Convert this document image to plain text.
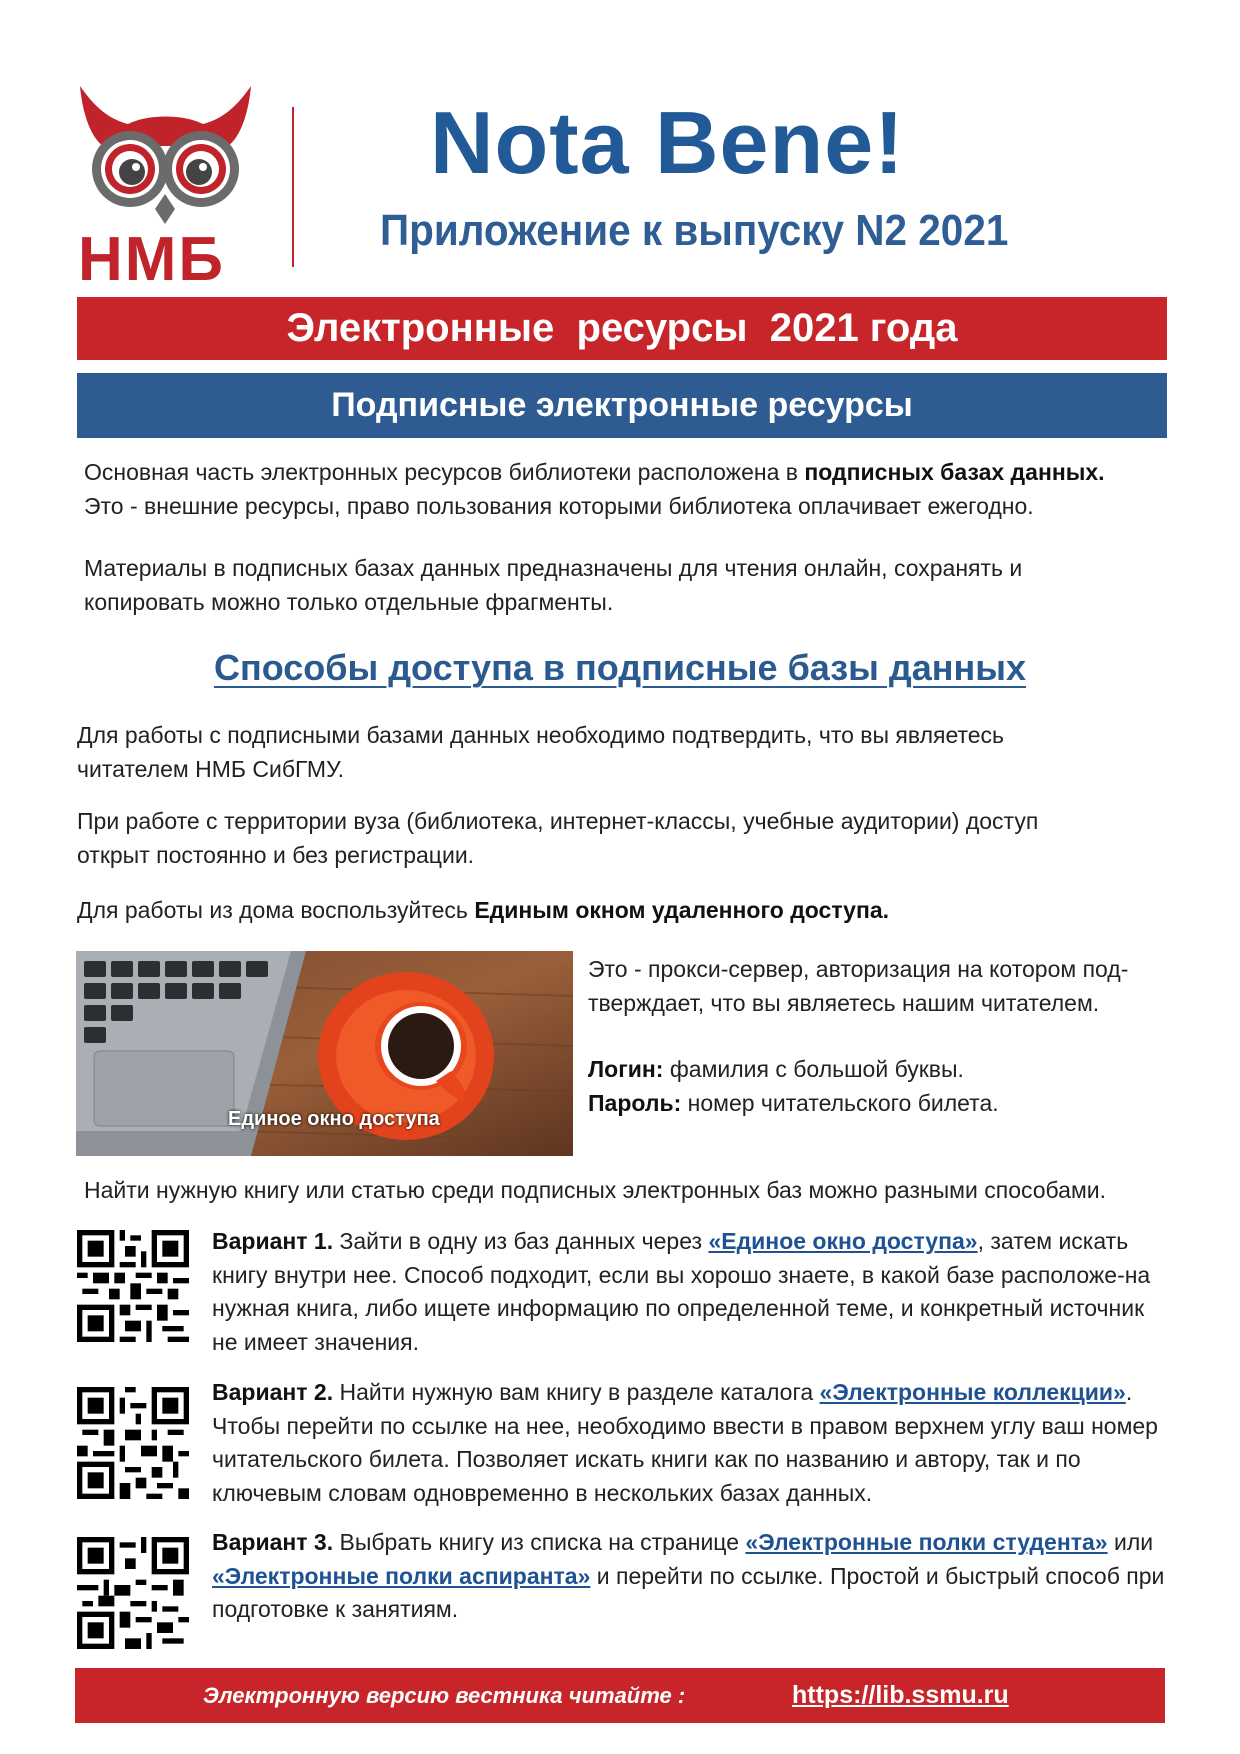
НМБ
Nota Bene!
Приложение к выпуску N2 2021
Электронные  ресурсы  2021 года
Подписные электронные ресурсы
Основная часть электронных ресурсов библиотеки расположена в подписных базах данных.
Это - внешние ресурсы, право пользования которыми библиотека оплачивает ежегодно.
Материалы в подписных базах данных предназначены для чтения онлайн, сохранять и
копировать можно только отдельные фрагменты.
Способы доступа в подписные базы данных
Для работы с подписными базами данных необходимо подтвердить, что вы являетесь
читателем НМБ СибГМУ.
При работе с территории вуза (библиотека, интернет-классы, учебные аудитории) доступ
открыт постоянно и без регистрации.
Для работы из дома воспользуйтесь Единым окном удаленного доступа.
Единое окно доступа
Это - прокси-сервер, авторизация на котором под-
тверждает, что вы являетесь нашим читателем.
Логин: фамилия с большой буквы.
Пароль: номер читательского билета.
Найти нужную книгу или статью среди подписных электронных баз можно разными способами.
Вариант 1. Зайти в одну из баз данных через «Единое окно доступа», затем искать книгу внутри нее. Способ подходит, если вы хорошо знаете, в какой базе расположе-на нужная книга, либо ищете информацию по определенной теме, и конкретный источник не имеет значения.
Вариант 2. Найти нужную вам книгу в разделе каталога «Электронные коллекции». Чтобы перейти по ссылке на нее, необходимо ввести в правом верхнем углу ваш номер читательского билета. Позволяет искать книги как по названию и автору, так и по ключевым словам одновременно в нескольких базах данных.
Вариант 3. Выбрать книгу из списка на странице «Электронные полки студента» или «Электронные полки аспиранта» и перейти по ссылке. Простой и быстрый способ при подготовке к занятиям.
Электронную версию вестника читайте :	https://lib.ssmu.ru
